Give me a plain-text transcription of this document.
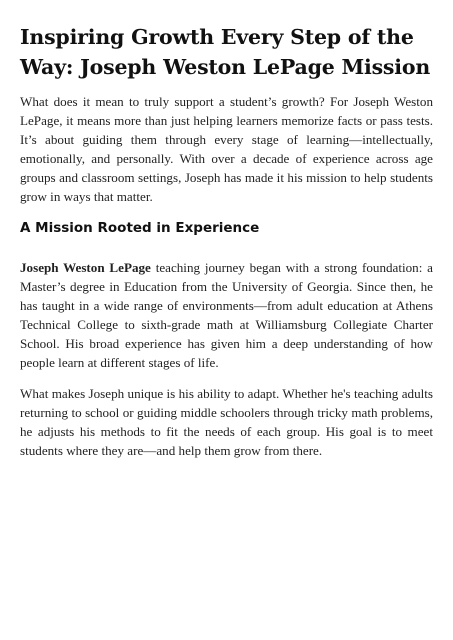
Inspiring Growth Every Step of the Way: Joseph Weston LePage Mission

What does it mean to truly support a student’s growth? For Joseph Weston LePage, it means more than just helping learners memorize facts or pass tests. It’s about guiding them through every stage of learning—intellectually, emotionally, and personally. With over a decade of experience across age groups and classroom settings, Joseph has made it his mission to help students grow in ways that matter.

A Mission Rooted in Experience

Joseph Weston LePage teaching journey began with a strong foundation: a Master’s degree in Education from the University of Georgia. Since then, he has taught in a wide range of environments—from adult education at Athens Technical College to sixth-grade math at Williamsburg Collegiate Charter School. His broad experience has given him a deep understanding of how people learn at different stages of life.

What makes Joseph unique is his ability to adapt. Whether he's teaching adults returning to school or guiding middle schoolers through tricky math problems, he adjusts his methods to fit the needs of each group. His goal is to meet students where they are—and help them grow from there.
